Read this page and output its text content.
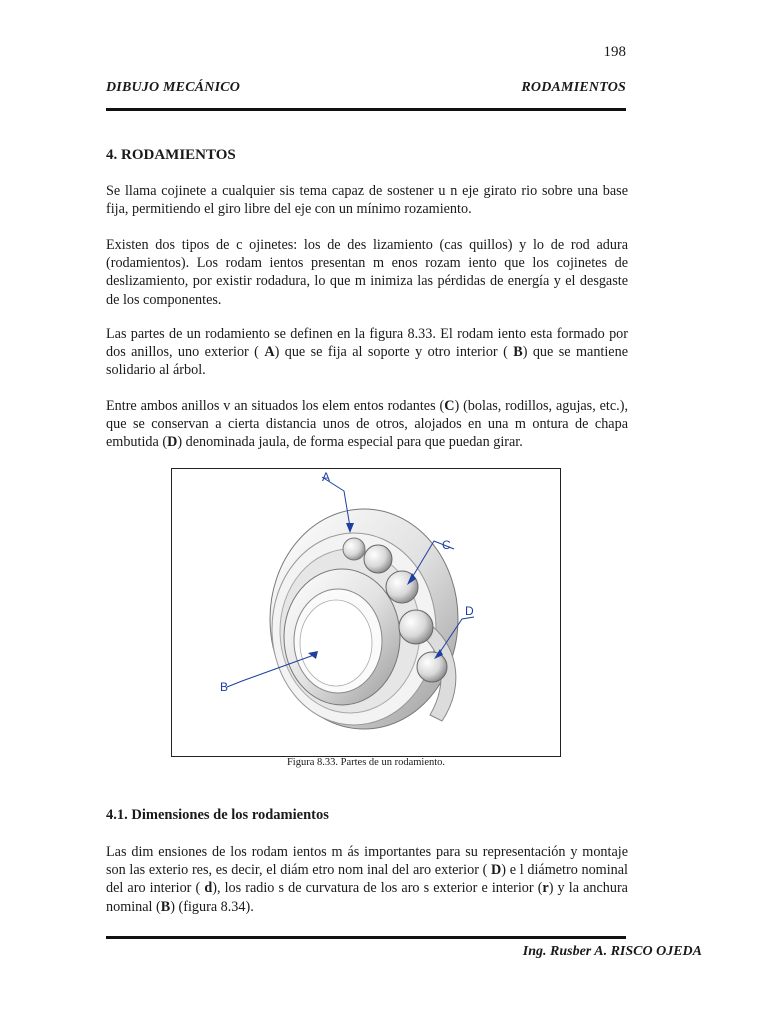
198
DIBUJO MECÁNICO	RODAMIENTOS
4. RODAMIENTOS

Se llama cojinete a cualquier sis tema capaz de sostener u n eje girato rio sobre una base fija, permitiendo el giro libre del eje con un mínimo rozamiento.

Existen dos tipos de c ojinetes: los de des lizamiento (cas quillos) y lo de rod adura (rodamientos). Los rodam ientos presentan m enos rozam iento que los cojinetes de deslizamiento, por existir rodadura, lo que m inimiza las pérdidas de energía y el desgaste de los componentes.

Las partes de un rodamiento se definen en la figura 8.33. El rodam iento esta formado por dos anillos, uno exterior ( A) que se fija al soporte y otro interior ( B) que se mantiene solidario al árbol.

Entre ambos anillos v an situados los elem entos rodantes (C) (bolas, rodillos, agujas, etc.), que se conservan a cierta distancia unos de otros, alojados en una m ontura de chapa embutida (D) denominada jaula, de forma especial para que puedan girar.

A
C
D
B
Figura 8.33. Partes de un rodamiento.
4.1. Dimensiones de los rodamientos

Las dim ensiones de los rodam ientos m ás importantes para su representación y montaje son las exterio res, es decir, el diám etro nom inal del aro exterior ( D) e l diámetro nominal del aro interior ( d), los radio s de curvatura de los aro s exterior e interior (r) y la anchura nominal (B) (figura 8.34).

Ing. Rusber A. RISCO OJEDA
